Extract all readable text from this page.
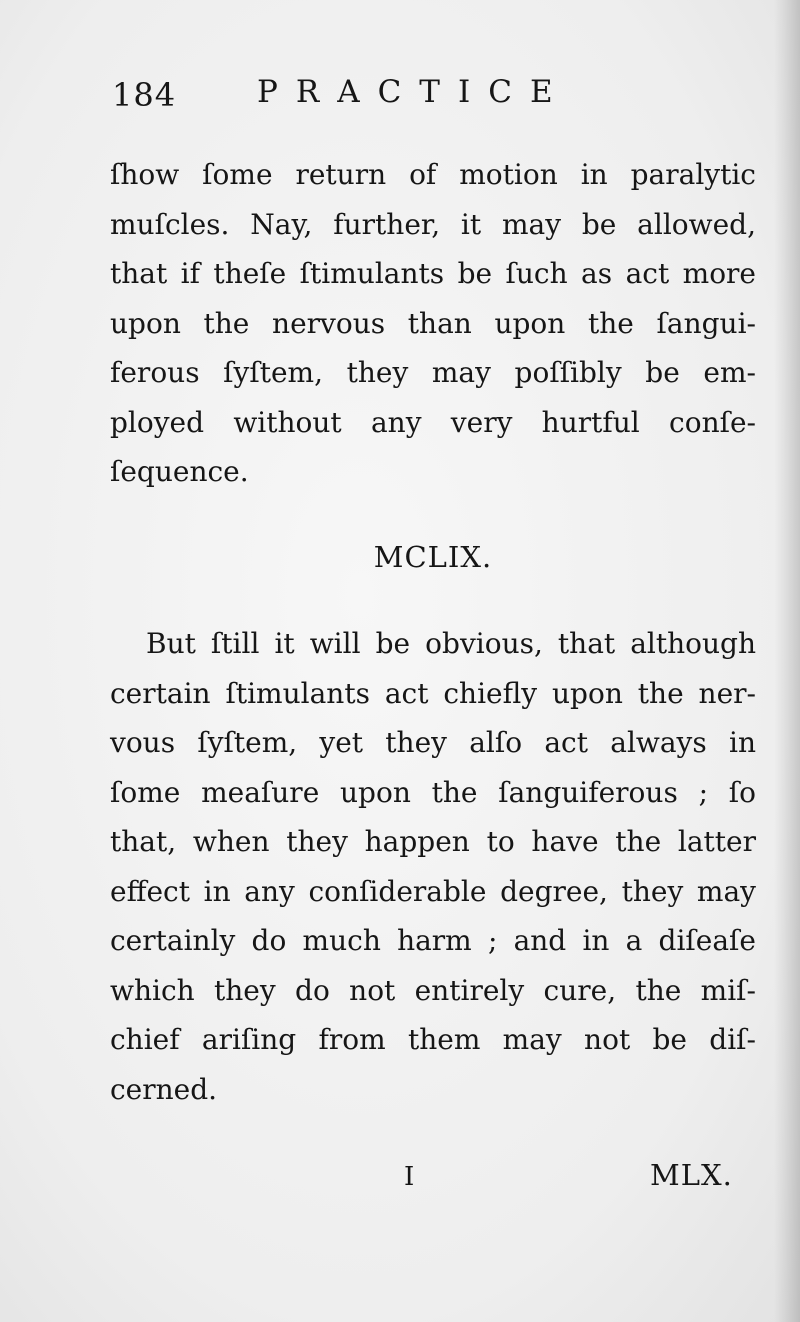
184	PRACTICE
ſhow ſome return of motion in paralytic
muſcles. Nay, further, it may be allowed,
that if theſe ſtimulants be ſuch as act more
upon the nervous than upon the ſangui-
ferous ſyſtem, they may poſſibly be em-
ployed without any very hurtful conſe-
ſequence.
MCLIX.
But ſtill it will be obvious, that although
certain ſtimulants act chiefly upon the ner-
vous ſyſtem, yet they alſo act always in
ſome meaſure upon the ſanguiferous ; ſo
that, when they happen to have the latter
effect in any conſiderable degree, they may
certainly do much harm ; and in a diſeaſe
which they do not entirely cure, the miſ-
chief ariſing from them may not be diſ-
cerned.
I	MLX.
